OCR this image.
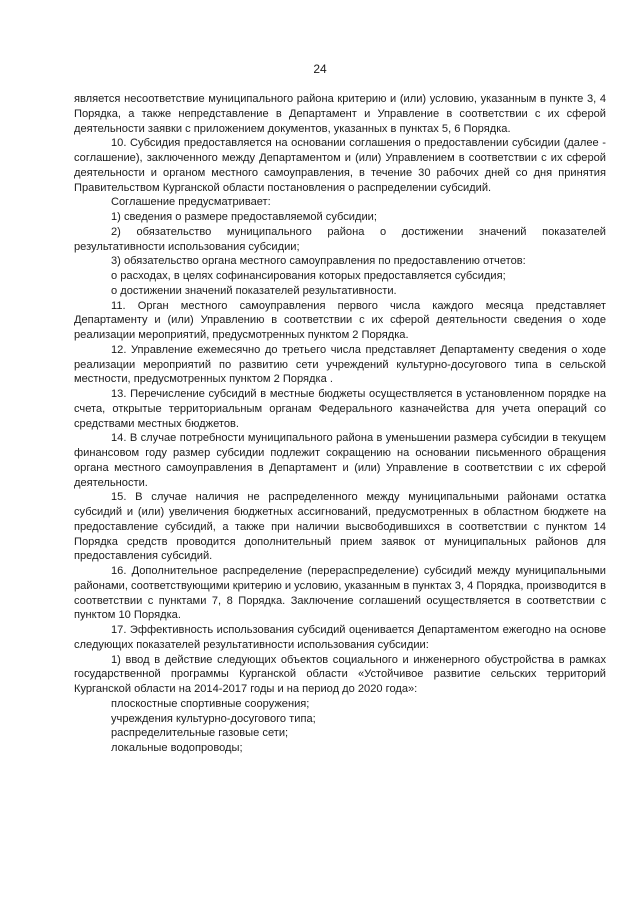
24

является несоответствие муниципального района критерию и (или) условию, указанным в пункте 3, 4 Порядка, а также непредставление в Департамент и Управление в соответствии с их сферой деятельности заявки с приложением документов, указанных в пунктах 5, 6 Порядка.

10. Субсидия предоставляется на основании соглашения о предоставлении субсидии (далее - соглашение), заключенного между Департаментом и (или) Управлением в соответствии с их сферой деятельности и органом местного самоуправления, в течение 30 рабочих дней со дня принятия Правительством Курганской области постановления о распределении субсидий.

Соглашение предусматривает:

1) сведения о размере предоставляемой субсидии;

2) обязательство муниципального района о достижении значений показателей результативности использования субсидии;

3) обязательство органа местного самоуправления по предоставлению отчетов:

о расходах, в целях софинансирования которых предоставляется субсидия;

о достижении значений показателей результативности.

11. Орган местного самоуправления первого числа каждого месяца представляет Департаменту и (или) Управлению в соответствии с их сферой деятельности сведения о ходе реализации мероприятий, предусмотренных пунктом 2 Порядка.

12. Управление ежемесячно до третьего числа представляет Департаменту сведения о ходе реализации мероприятий по развитию сети учреждений культурно-досугового типа в сельской местности, предусмотренных пунктом 2 Порядка .

13. Перечисление субсидий в местные бюджеты осуществляется в установленном порядке на счета, открытые территориальным органам Федерального казначейства для учета операций со средствами местных бюджетов.

14. В случае потребности муниципального района в уменьшении размера субсидии в текущем финансовом году размер субсидии подлежит сокращению на основании письменного обращения органа местного самоуправления в Департамент и (или) Управление в соответствии с их сферой деятельности.

15. В случае наличия не распределенного между муниципальными районами остатка субсидий и (или) увеличения бюджетных ассигнований, предусмотренных в областном бюджете на предоставление субсидий, а также при наличии высвободившихся в соответствии с пунктом 14 Порядка средств проводится дополнительный прием заявок от муниципальных районов для предоставления субсидий.

16. Дополнительное распределение (перераспределение) субсидий между муниципальными районами, соответствующими критерию и условию, указанным в пунктах 3, 4 Порядка, производится в соответствии с пунктами 7, 8 Порядка. Заключение соглашений осуществляется в соответствии с пунктом 10 Порядка.

17. Эффективность использования субсидий оценивается Департаментом ежегодно на основе следующих показателей результативности использования субсидии:

1) ввод в действие следующих объектов социального и инженерного обустройства в рамках государственной программы Курганской области «Устойчивое развитие сельских территорий Курганской области на 2014-2017 годы и на период до 2020 года»:

плоскостные спортивные сооружения;

учреждения культурно-досугового типа;

распределительные газовые сети;

локальные водопроводы;
